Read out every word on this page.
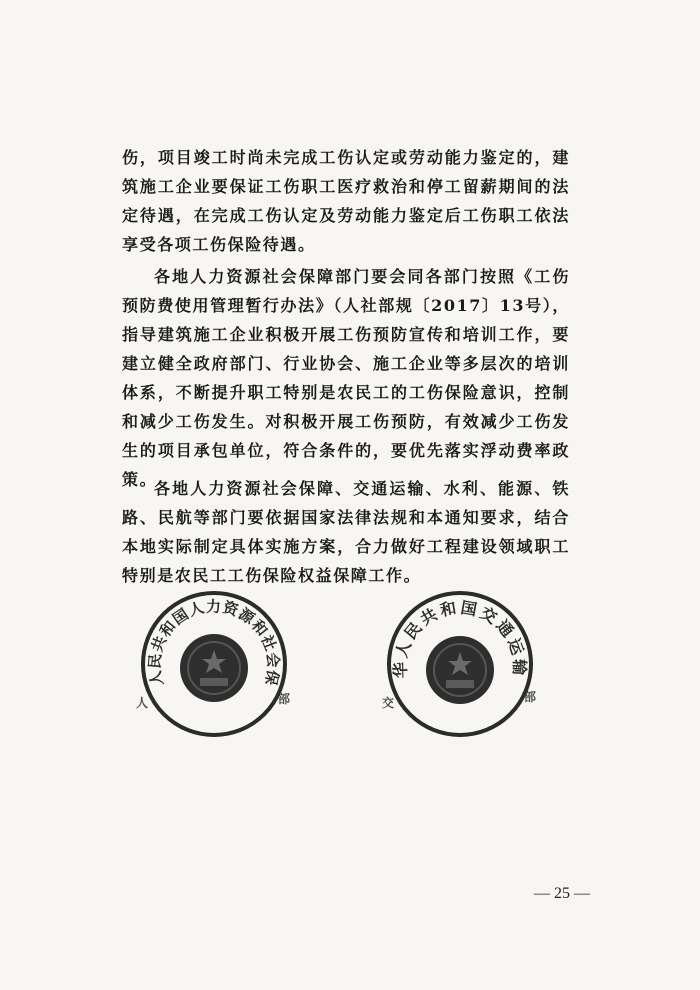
伤，项目竣工时尚未完成工伤认定或劳动能力鉴定的，建筑施工企业要保证工伤职工医疗救治和停工留薪期间的法定待遇，在完成工伤认定及劳动能力鉴定后工伤职工依法享受各项工伤保险待遇。

各地人力资源社会保障部门要会同各部门按照《工伤预防费使用管理暂行办法》（人社部规〔2017〕13号），指导建筑施工企业积极开展工伤预防宣传和培训工作，要建立健全政府部门、行业协会、施工企业等多层次的培训体系，不断提升职工特别是农民工的工伤保险意识，控制和减少工伤发生。对积极开展工伤预防，有效减少工伤发生的项目承包单位，符合条件的，要优先落实浮动费率政策。

各地人力资源社会保障、交通运输、水利、能源、铁路、民航等部门要依据国家法律法规和本通知要求，结合本地实际制定具体实施方案，合力做好工程建设领域职工特别是农民工工伤保险权益保障工作。

人	部	交	部
人民共和国人力资源和社会保	华人民共和国交通运输
— 25 —
